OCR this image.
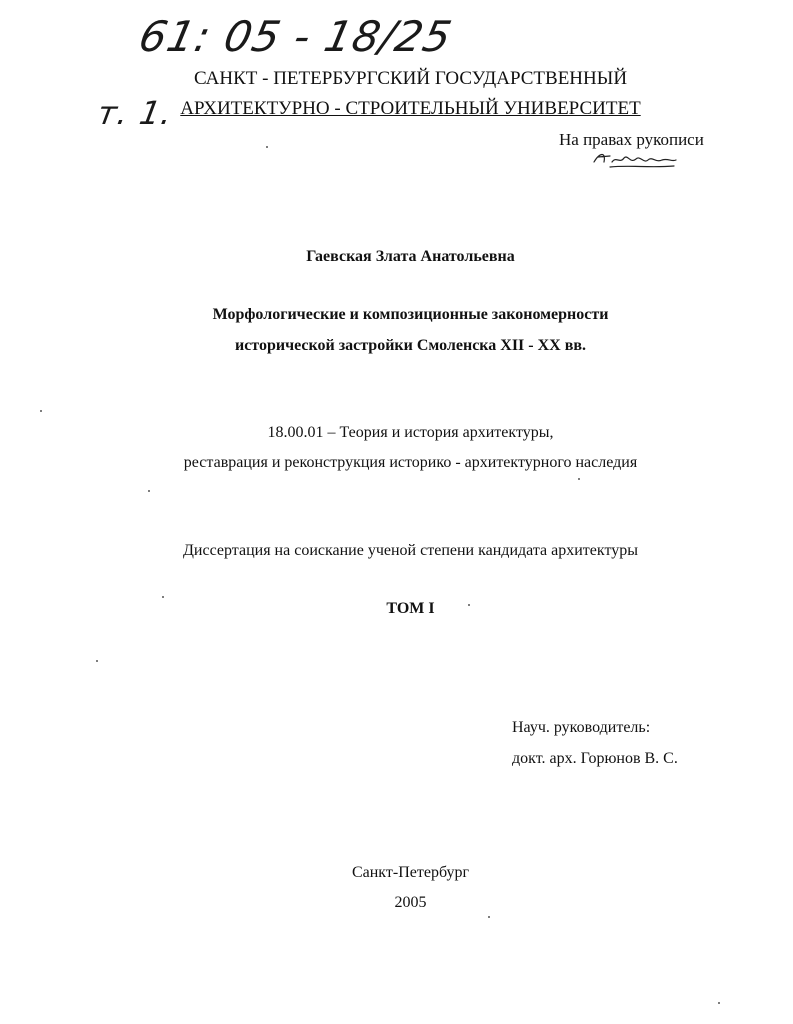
61: 05 - 18/25
т. 1.
САНКТ - ПЕТЕРБУРГСКИЙ ГОСУДАРСТВЕННЫЙ
АРХИТЕКТУРНО - СТРОИТЕЛЬНЫЙ УНИВЕРСИТЕТ
На правах рукописи
Гаевская Злата Анатольевна
Морфологические и композиционные закономерности
исторической застройки Смоленска XII - XX вв.
18.00.01 – Теория и история архитектуры,
реставрация и реконструкция историко - архитектурного наследия
Диссертация на соискание ученой степени кандидата архитектуры
ТОМ I
Науч. руководитель:
докт. арх. Горюнов В. С.
Санкт-Петербург
2005
